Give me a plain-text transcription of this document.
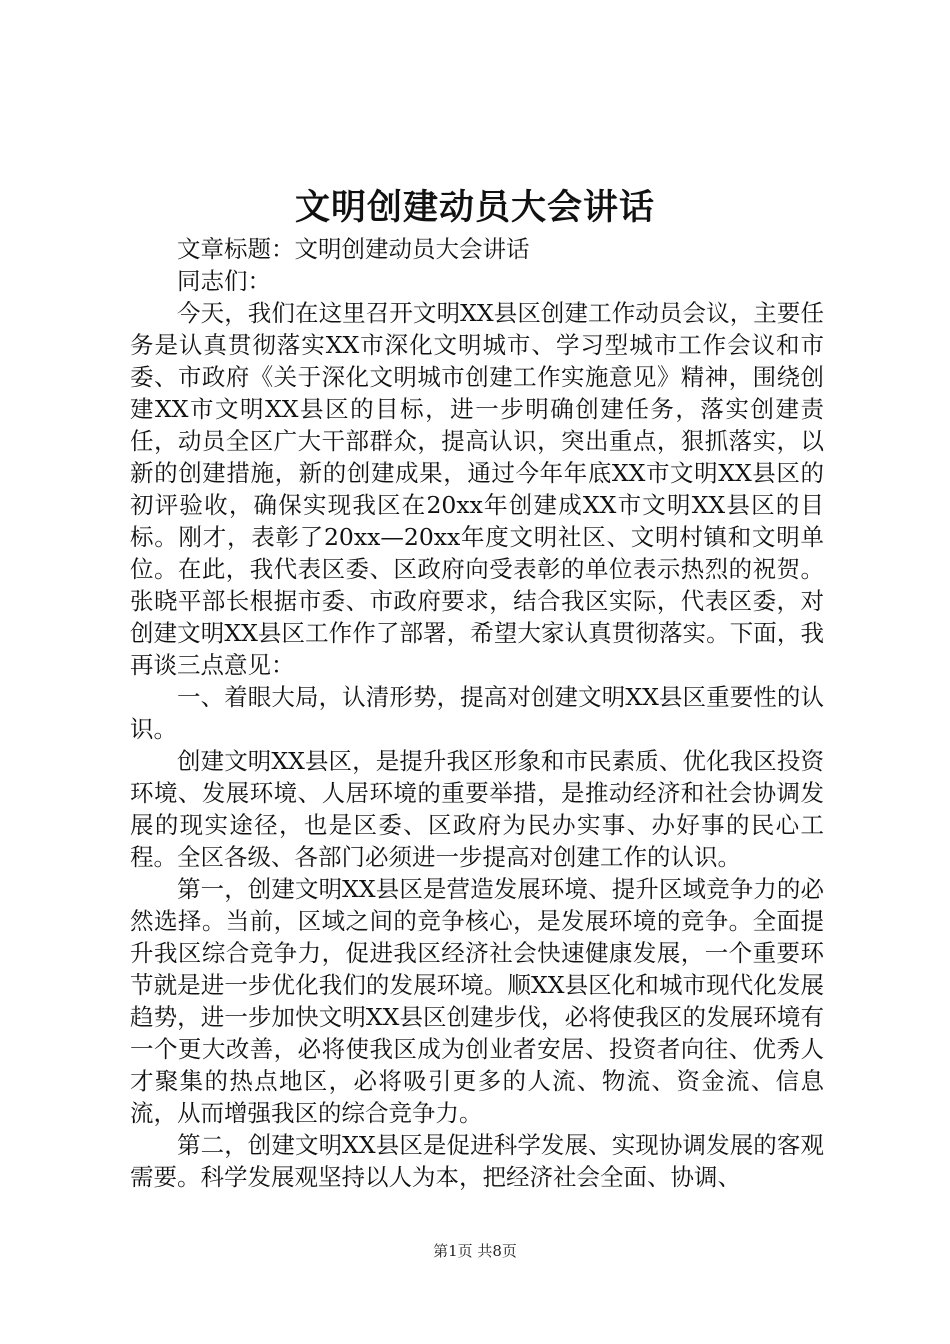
文明创建动员大会讲话

文章标题：文明创建动员大会讲话

同志们：

今天，我们在这里召开文明XX县区创建工作动员会议，主要任务是认真贯彻落实XX市深化文明城市、学习型城市工作会议和市委、市政府《关于深化文明城市创建工作实施意见》精神，围绕创建XX市文明XX县区的目标，进一步明确创建任务，落实创建责任，动员全区广大干部群众，提高认识，突出重点，狠抓落实，以新的创建措施，新的创建成果，通过今年年底XX市文明XX县区的初评验收，确保实现我区在20xx年创建成XX市文明XX县区的目标。刚才，表彰了20xx—20xx年度文明社区、文明村镇和文明单位。在此，我代表区委、区政府向受表彰的单位表示热烈的祝贺。张晓平部长根据市委、市政府要求，结合我区实际，代表区委，对创建文明XX县区工作作了部署，希望大家认真贯彻落实。下面，我再谈三点意见：

一、着眼大局，认清形势，提高对创建文明XX县区重要性的认识。

创建文明XX县区，是提升我区形象和市民素质、优化我区投资环境、发展环境、人居环境的重要举措，是推动经济和社会协调发展的现实途径，也是区委、区政府为民办实事、办好事的民心工程。全区各级、各部门必须进一步提高对创建工作的认识。

第一，创建文明XX县区是营造发展环境、提升区域竞争力的必然选择。当前，区域之间的竞争核心，是发展环境的竞争。全面提升我区综合竞争力，促进我区经济社会快速健康发展，一个重要环节就是进一步优化我们的发展环境。顺XX县区化和城市现代化发展趋势，进一步加快文明XX县区创建步伐，必将使我区的发展环境有一个更大改善，必将使我区成为创业者安居、投资者向往、优秀人才聚集的热点地区，必将吸引更多的人流、物流、资金流、信息流，从而增强我区的综合竞争力。

第二，创建文明XX县区是促进科学发展、实现协调发展的客观需要。科学发展观坚持以人为本，把经济社会全面、协调、

第1页 共8页
